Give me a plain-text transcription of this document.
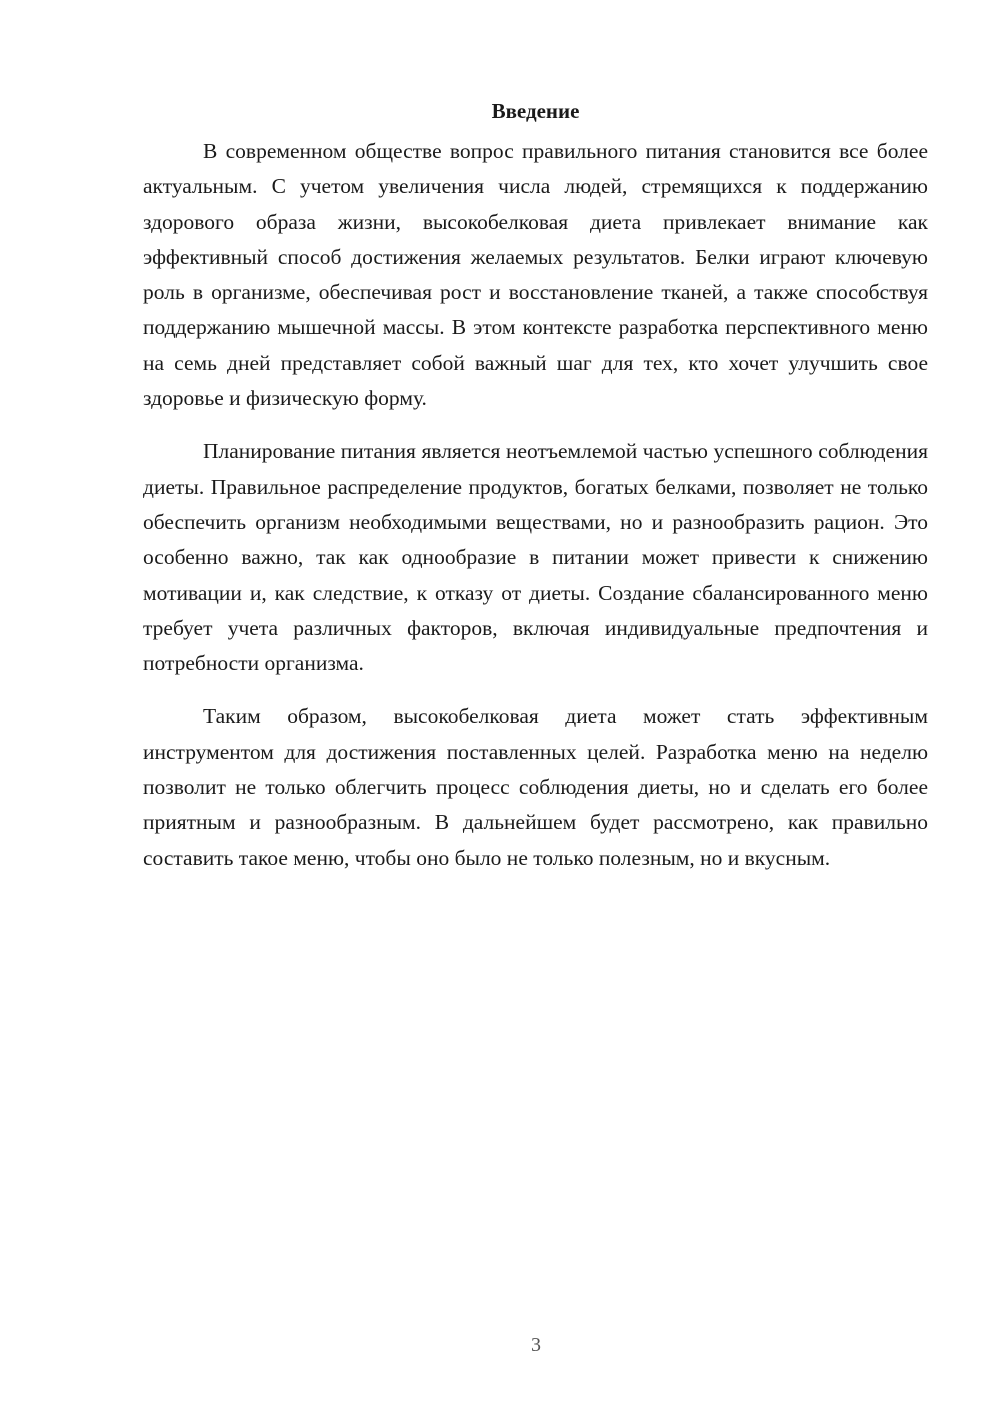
Введение

В современном обществе вопрос правильного питания становится все более актуальным. С учетом увеличения числа людей, стремящихся к поддержанию здорового образа жизни, высокобелковая диета привлекает внимание как эффективный способ достижения желаемых результатов. Белки играют ключевую роль в организме, обеспечивая рост и восстановление тканей, а также способствуя поддержанию мышечной массы. В этом контексте разработка перспективного меню на семь дней представляет собой важный шаг для тех, кто хочет улучшить свое здоровье и физическую форму.

Планирование питания является неотъемлемой частью успешного соблюдения диеты. Правильное распределение продуктов, богатых белками, позволяет не только обеспечить организм необходимыми веществами, но и разнообразить рацион. Это особенно важно, так как однообразие в питании может привести к снижению мотивации и, как следствие, к отказу от диеты. Создание сбалансированного меню требует учета различных факторов, включая индивидуальные предпочтения и потребности организма.

Таким образом, высокобелковая диета может стать эффективным инструментом для достижения поставленных целей. Разработка меню на неделю позволит не только облегчить процесс соблюдения диеты, но и сделать его более приятным и разнообразным. В дальнейшем будет рассмотрено, как правильно составить такое меню, чтобы оно было не только полезным, но и вкусным.

3
